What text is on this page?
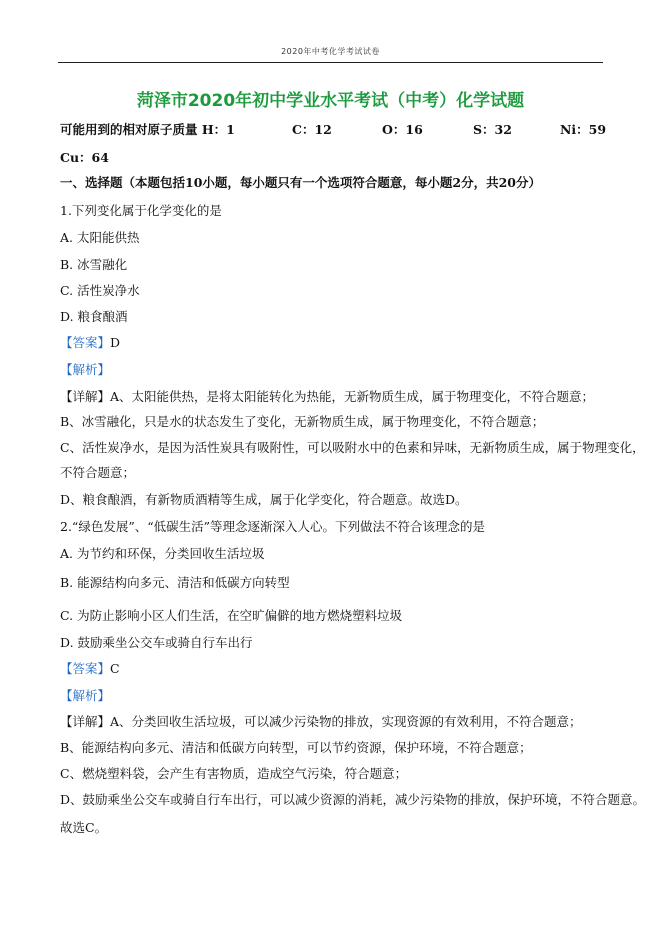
2020年中考化学考试试卷
菏泽市2020年初中学业水平考试（中考）化学试题
可能用到的相对原子质量 H：1	C：12	O：16	S：32	Ni：59
Cu：64
一、选择题（本题包括10小题，每小题只有一个选项符合题意，每小题2分，共20分）
1.下列变化属于化学变化的是
A. 太阳能供热
B. 冰雪融化
C. 活性炭净水
D. 粮食酿酒
【答案】D
【解析】
【详解】A、太阳能供热，是将太阳能转化为热能，无新物质生成，属于物理变化，不符合题意；
B、冰雪融化，只是水的状态发生了变化，无新物质生成，属于物理变化，不符合题意；
C、活性炭净水，是因为活性炭具有吸附性，可以吸附水中的色素和异味，无新物质生成，属于物理变化，
不符合题意；
D、粮食酿酒，有新物质酒精等生成，属于化学变化，符合题意。故选D。
2.“绿色发展”、“低碳生活”等理念逐渐深入人心。下列做法不符合该理念的是
A. 为节约和环保，分类回收生活垃圾
B. 能源结构向多元、清洁和低碳方向转型
C. 为防止影响小区人们生活，在空旷偏僻的地方燃烧塑料垃圾
D. 鼓励乘坐公交车或骑自行车出行
【答案】C
【解析】
【详解】A、分类回收生活垃圾，可以减少污染物的排放，实现资源的有效利用，不符合题意；
B、能源结构向多元、清洁和低碳方向转型，可以节约资源，保护环境，不符合题意；
C、燃烧塑料袋，会产生有害物质，造成空气污染，符合题意；
D、鼓励乘坐公交车或骑自行车出行，可以减少资源的消耗，减少污染物的排放，保护环境，不符合题意。
故选C。
